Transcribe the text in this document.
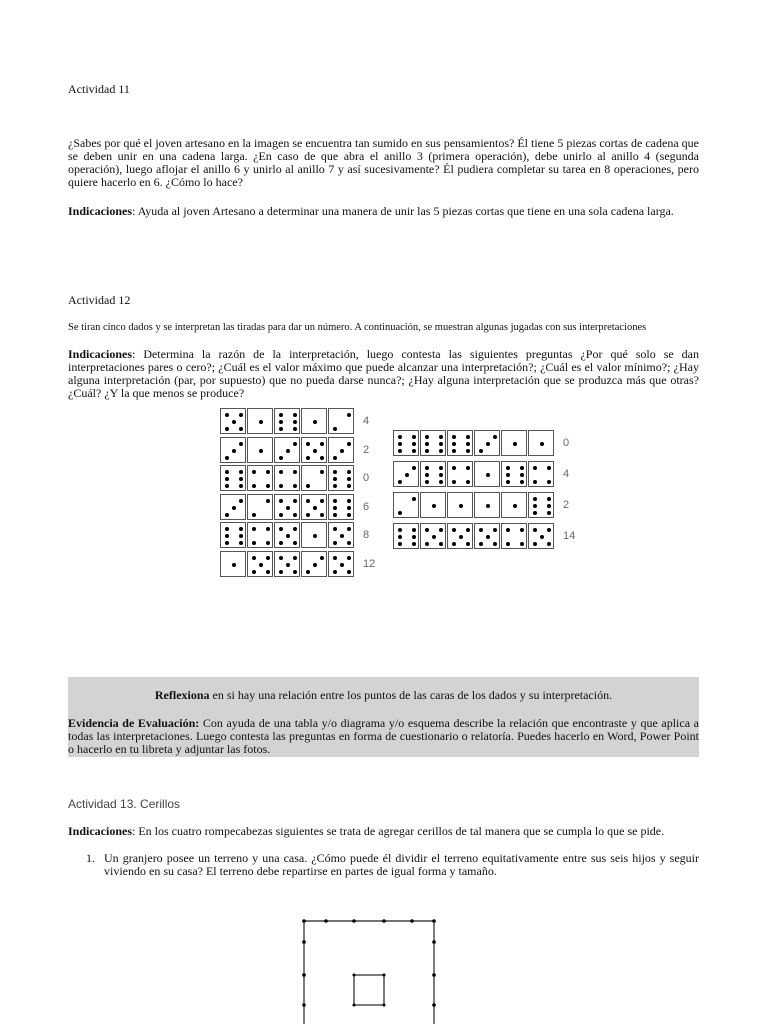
Actividad 11

¿Sabes por qué el joven artesano en la imagen se encuentra tan sumido en sus pensamientos? Él tiene 5 piezas cortas de cadena que se deben unir en una cadena larga. ¿En caso de que abra el anillo 3 (primera operación), debe unirlo al anillo 4 (segunda operación), luego aflojar el anillo 6 y unirlo al anillo 7 y así sucesivamente? Él pudiera completar su tarea en 8 operaciones, pero quiere hacerlo en 6. ¿Cómo lo hace?

Indicaciones: Ayuda al joven Artesano a determinar una manera de unir las 5 piezas cortas que tiene en una sola cadena larga.

Actividad 12

Se tiran cinco dados y se interpretan las tiradas para dar un número. A continuación, se muestran algunas jugadas con sus interpretaciones

Indicaciones: Determina la razón de la interpretación, luego contesta las siguientes preguntas ¿Por qué solo se dan interpretaciones pares o cero?; ¿Cuál es el valor máximo que puede alcanzar una interpretación?; ¿Cuál es el valor mínimo?; ¿Hay alguna interpretación (par, por supuesto) que no pueda darse nunca?; ¿Hay alguna interpretación que se produzca más que otras? ¿Cuál? ¿Y la que menos se produce?

4
2
0
6
8
12
0
4
2
14

Reflexiona en si hay una relación entre los puntos de las caras de los dados y su interpretación.

Evidencia de Evaluación: Con ayuda de una tabla y/o diagrama y/o esquema describe la relación que encontraste y que aplica a todas las interpretaciones. Luego contesta las preguntas en forma de cuestionario o relatoría. Puedes hacerlo en Word, Power Point o hacerlo en tu libreta y adjuntar las fotos.

Actividad 13. Cerillos

Indicaciones: En los cuatro rompecabezas siguientes se trata de agregar cerillos de tal manera que se cumpla lo que se pide.

1. Un granjero posee un terreno y una casa. ¿Cómo puede él dividir el terreno equitativamente entre sus seis hijos y seguir viviendo en su casa? El terreno debe repartirse en partes de igual forma y tamaño.
